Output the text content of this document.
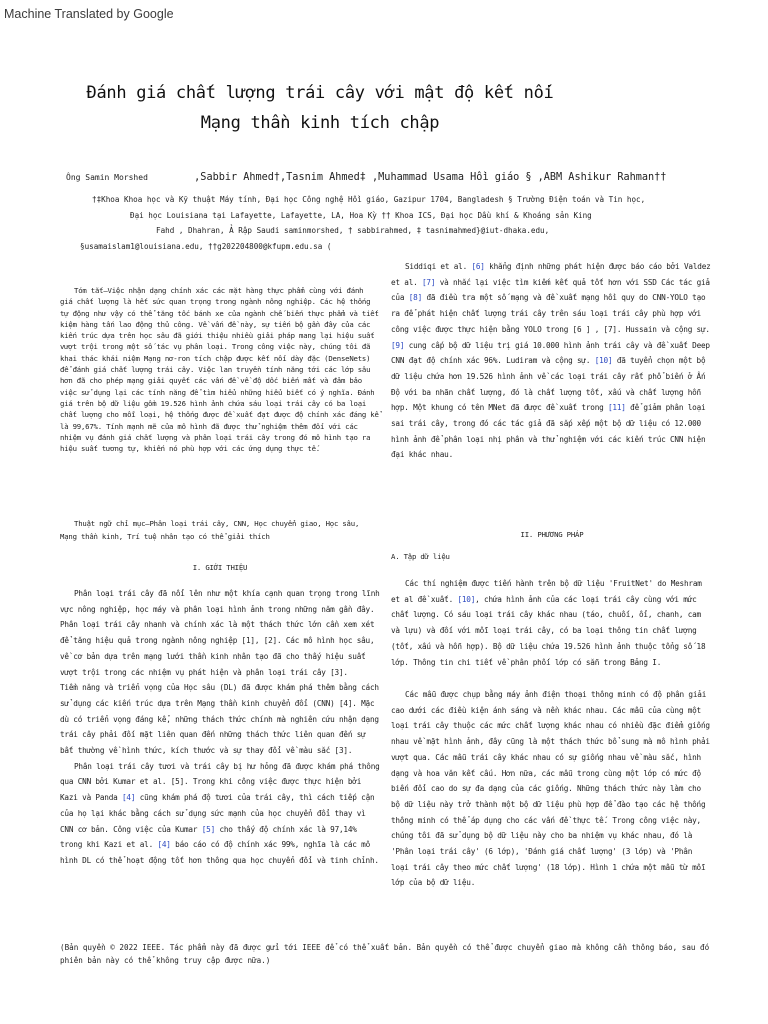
Machine Translated by Google
Đánh giá chất lượng trái cây với mật độ kết nối
Mạng thần kinh tích chập
Ông Samin Morshed	,Sabbir Ahmed†,Tasnim Ahmed‡ ,Muhammad Usama Hồi giáo § ,ABM Ashikur Rahman††
†‡Khoa Khoa học và Kỹ thuật Máy tính, Đại học Công nghệ Hồi giáo, Gazipur 1704, Bangladesh § Trường Điện toán và Tin học,
Đại học Louisiana tại Lafayette, Lafayette, LA, Hoa Kỳ †† Khoa ICS, Đại học Dầu khí & Khoáng sản King
Fahd , Dhahran, Ả Rập Saudi saminmorshed, † sabbirahmed, ‡ tasnimahmed}@iut-dhaka.edu,
§usamaislam1@louisiana.edu, ††g202204800@kfupm.edu.sa (

Tóm tắt—Việc nhận dạng chính xác các mặt hàng thực phẩm cùng với đánh giá chất lượng là hết sức quan trọng trong ngành nông nghiệp. Các hệ thống tự động như vậy có thể tăng tốc bánh xe của ngành chế biến thực phẩm và tiết kiệm hàng tấn lao động thủ công. Về vấn đề này, sự tiến bộ gần đây của các kiến trúc dựa trên học sâu đã giới thiệu nhiều giải pháp mang lại hiệu suất vượt trội trong một số tác vụ phân loại. Trong công việc này, chúng tôi đã khai thác khái niệm Mạng nơ-ron tích chập được kết nối dày đặc (DenseNets) để đánh giá chất lượng trái cây. Việc lan truyền tính năng tới các lớp sâu hơn đã cho phép mạng giải quyết các vấn đề về độ dốc biến mất và đảm bảo việc sử dụng lại các tính năng để tìm hiểu những hiểu biết có ý nghĩa. Đánh giá trên bộ dữ liệu gồm 19.526 hình ảnh chứa sáu loại trái cây có ba loại chất lượng cho mỗi loại, hệ thống được đề xuất đạt được độ chính xác đáng kể là 99,67%. Tính mạnh mẽ của mô hình đã được thử nghiệm thêm đối với các nhiệm vụ đánh giá chất lượng và phân loại trái cây trong đó mô hình tạo ra hiệu suất tương tự, khiến nó phù hợp với các ứng dụng thực tế.

Thuật ngữ chỉ mục—Phân loại trái cây, CNN, Học chuyển giao, Học sâu, Mạng thần kinh, Trí tuệ nhân tạo có thể giải thích

I. GIỚI THIỆU

Phân loại trái cây đã nổi lên như một khía cạnh quan trọng trong lĩnh vực nông nghiệp, học máy và phân loại hình ảnh trong những năm gần đây. Phân loại trái cây nhanh và chính xác là một thách thức lớn cần xem xét để tăng hiệu quả trong ngành nông nghiệp [1], [2]. Các mô hình học sâu, về cơ bản dựa trên mạng lưới thần kinh nhân tạo đã cho thấy hiệu suất vượt trội trong các nhiệm vụ phát hiện và phân loại trái cây [3].

Tiềm năng và triển vọng của Học sâu (DL) đã được khám phá thêm bằng cách sử dụng các kiến trúc dựa trên Mạng thần kinh chuyển đổi (CNN) [4]. Mặc dù có triển vọng đáng kể, những thách thức chính mà nghiên cứu nhận dạng trái cây phải đối mặt liên quan đến những thách thức liên quan đến sự bất thường về hình thức, kích thước và sự thay đổi về màu sắc [3].

Phân loại trái cây tươi và trái cây bị hư hỏng đã được khám phá thông qua CNN bởi Kumar et al. [5]. Trong khi công việc được thực hiện bởi Kazi và Panda [4] cũng khám phá độ tươi của trái cây, thì cách tiếp cận của họ lại khác bằng cách sử dụng sức mạnh của học chuyển đổi thay vì CNN cơ bản. Công việc của Kumar [5] cho thấy độ chính xác là 97,14% trong khi Kazi et al. [4] báo cáo có độ chính xác 99%, nghĩa là các mô hình DL có thể hoạt động tốt hơn thông qua học chuyển đổi và tinh chỉnh.

Siddiqi et al. [6] khẳng định những phát hiện được báo cáo bởi Valdez et al. [7] và nhắc lại việc tìm kiếm kết quả tốt hơn với SSD Các tác giả của [8] đã điều tra một số mạng và đề xuất mạng hồi quy do CNN-YOLO tạo ra để phát hiện chất lượng trái cây trên sáu loại trái cây phù hợp với công việc được thực hiện bằng YOLO trong [6 ] , [7]. Hussain và cộng sự. [9] cung cấp bộ dữ liệu trị giá 10.000 hình ảnh trái cây và đề xuất Deep CNN đạt độ chính xác 96%. Ludiram và cộng sự. [10] đã tuyển chọn một bộ dữ liệu chứa hơn 19.526 hình ảnh về các loại trái cây rất phổ biến ở Ấn Độ với ba nhãn chất lượng, đó là chất lượng tốt, xấu và chất lượng hỗn hợp. Một khung có tên MNet đã được đề xuất trong [11] để giảm phân loại sai trái cây, trong đó các tác giả đã sắp xếp một bộ dữ liệu có 12.000 hình ảnh để phân loại nhị phân và thử nghiệm với các kiến trúc CNN hiện đại khác nhau.

II. PHƯƠNG PHÁP
A. Tập dữ liệu

Các thí nghiệm được tiến hành trên bộ dữ liệu 'FruitNet' do Meshram et al đề xuất. [10], chứa hình ảnh của các loại trái cây cùng với mức chất lượng. Có sáu loại trái cây khác nhau (táo, chuối, ổi, chanh, cam và lựu) và đối với mỗi loại trái cây, có ba loại thông tin chất lượng (tốt, xấu và hỗn hợp). Bộ dữ liệu chứa 19.526 hình ảnh thuộc tổng số 18 lớp. Thông tin chi tiết về phân phối lớp có sẵn trong Bảng I.

Các mẫu được chụp bằng máy ảnh điện thoại thông minh có độ phân giải cao dưới các điều kiện ánh sáng và nền khác nhau. Các mẫu của cùng một loại trái cây thuộc các mức chất lượng khác nhau có nhiều đặc điểm giống nhau về mặt hình ảnh, đây cũng là một thách thức bổ sung mà mô hình phải vượt qua. Các mẫu trái cây khác nhau có sự giống nhau về màu sắc, hình dạng và hoa văn kết cấu. Hơn nữa, các mẫu trong cùng một lớp có mức độ biến đổi cao do sự đa dạng của các giống. Những thách thức này làm cho bộ dữ liệu này trở thành một bộ dữ liệu phù hợp để đào tạo các hệ thống thông minh có thể áp dụng cho các vấn đề thực tế. Trong công việc này, chúng tôi đã sử dụng bộ dữ liệu này cho ba nhiệm vụ khác nhau, đó là 'Phân loại trái cây' (6 lớp), 'Đánh giá chất lượng' (3 lớp) và 'Phân loại trái cây theo mức chất lượng' (18 lớp). Hình 1 chứa một mẫu từ mỗi lớp của bộ dữ liệu.

(Bản quyền © 2022 IEEE. Tác phẩm này đã được gửi tới IEEE để có thể xuất bản. Bản quyền có thể được chuyển giao mà không cần thông báo, sau đó phiên bản này có thể không truy cập được nữa.)
